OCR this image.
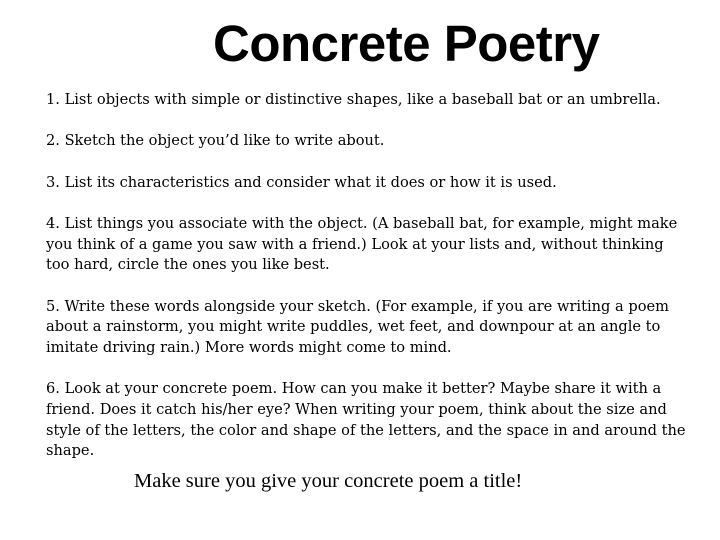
Concrete Poetry
1. List objects with simple or distinctive shapes, like a baseball bat or an umbrella.
2. Sketch the object you’d like to write about.
3. List its characteristics and consider what it does or how it is used.
4. List things you associate with the object. (A baseball bat, for example, might make you think of a game you saw with a friend.) Look at your lists and, without thinking too hard, circle the ones you like best.
5. Write these words alongside your sketch. (For example, if you are writing a poem about a rainstorm, you might write puddles, wet feet, and downpour at an angle to imitate driving rain.) More words might come to mind.
6. Look at your concrete poem. How can you make it better? Maybe share it with a friend. Does it catch his/her eye? When writing your poem, think about the size and style of the letters, the color and shape of the letters, and the space in and around the shape.
Make sure you give your concrete poem a title!
